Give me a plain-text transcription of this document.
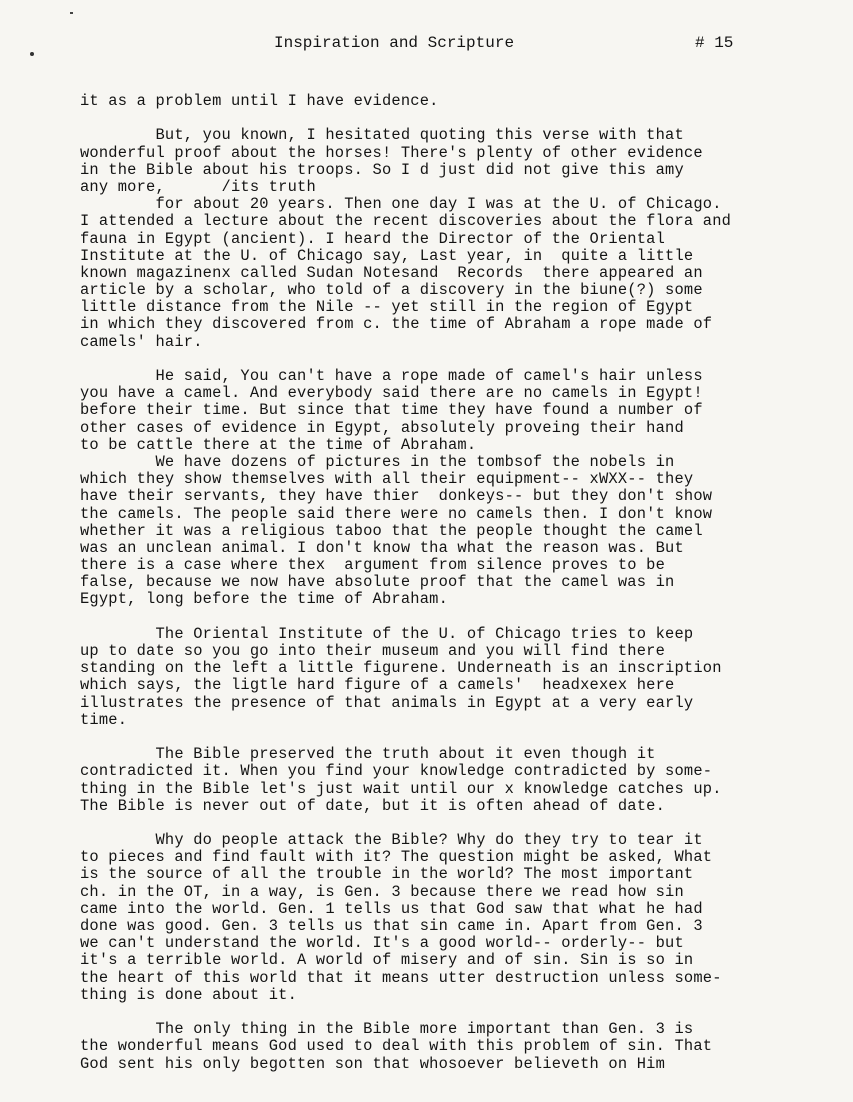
Inspiration and Scripture	# 15
it as a problem until I have evidence.
But, you known, I hesitated quoting this verse with that
wonderful proof about the horses! There's plenty of other evidence
in the Bible about his troops. So I d just did not give this amy
any more,      /its truth
for about 20 years. Then one day I was at the U. of Chicago.
I attended a lecture about the recent discoveries about the flora and
fauna in Egypt (ancient). I heard the Director of the Oriental
Institute at the U. of Chicago say, Last year, in  quite a little
known magazinenx called Sudan Notesand  Records  there appeared an
article by a scholar, who told of a discovery in the biune(?) some
little distance from the Nile -- yet still in the region of Egypt
in which they discovered from c. the time of Abraham a rope made of
camels' hair.
He said, You can't have a rope made of camel's hair unless
you have a camel. And everybody said there are no camels in Egypt!
before their time. But since that time they have found a number of
other cases of evidence in Egypt, absolutely proveing their hand
to be cattle there at the time of Abraham.
We have dozens of pictures in the tombsof the nobels in
which they show themselves with all their equipment-- xWXX-- they
have their servants, they have thier  donkeys-- but they don't show
the camels. The people said there were no camels then. I don't know
whether it was a religious taboo that the people thought the camel
was an unclean animal. I don't know tha what the reason was. But
there is a case where thex  argument from silence proves to be
false, because we now have absolute proof that the camel was in
Egypt, long before the time of Abraham.
The Oriental Institute of the U. of Chicago tries to keep
up to date so you go into their museum and you will find there
standing on the left a little figurene. Underneath is an inscription
which says, the ligtle hard figure of a camels'  headxexex here
illustrates the presence of that animals in Egypt at a very early
time.
The Bible preserved the truth about it even though it
contradicted it. When you find your knowledge contradicted by some-
thing in the Bible let's just wait until our x knowledge catches up.
The Bible is never out of date, but it is often ahead of date.
Why do people attack the Bible? Why do they try to tear it
to pieces and find fault with it? The question might be asked, What
is the source of all the trouble in the world? The most important
ch. in the OT, in a way, is Gen. 3 because there we read how sin
came into the world. Gen. 1 tells us that God saw that what he had
done was good. Gen. 3 tells us that sin came in. Apart from Gen. 3
we can't understand the world. It's a good world-- orderly-- but
it's a terrible world. A world of misery and of sin. Sin is so in
the heart of this world that it means utter destruction unless some-
thing is done about it.
The only thing in the Bible more important than Gen. 3 is
the wonderful means God used to deal with this problem of sin. That
God sent his only begotten son that whosoever believeth on Him
